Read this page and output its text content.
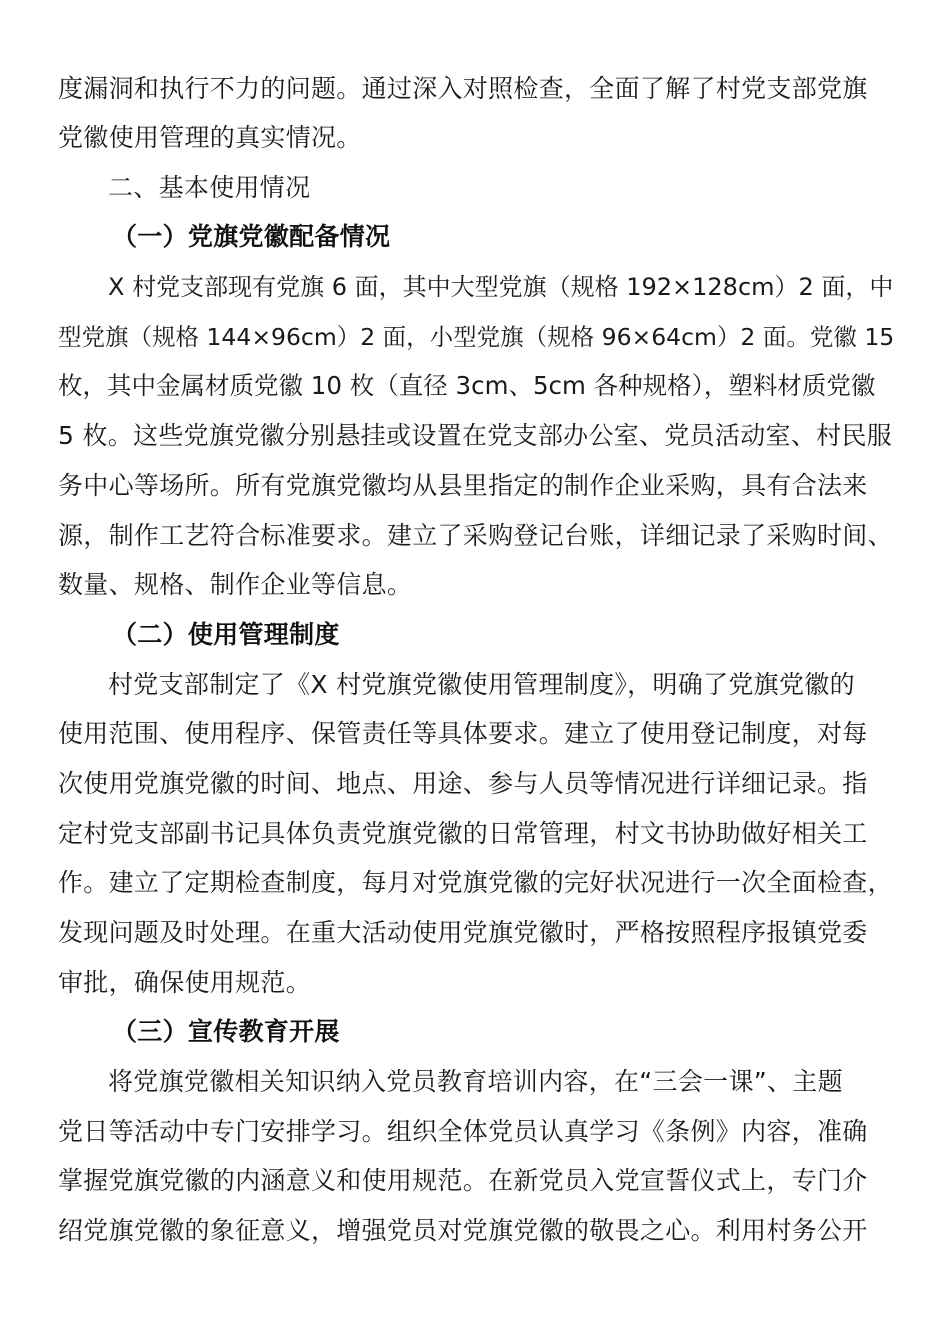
度漏洞和执行不力的问题。通过深入对照检查，全面了解了村党支部党旗
党徽使用管理的真实情况。
二、基本使用情况
（一）党旗党徽配备情况
X 村党支部现有党旗 6 面，其中大型党旗（规格 192×128cm）2 面，中
型党旗（规格 144×96cm）2 面，小型党旗（规格 96×64cm）2 面。党徽 15
枚，其中金属材质党徽 10 枚（直径 3cm、5cm 各种规格），塑料材质党徽
5 枚。这些党旗党徽分别悬挂或设置在党支部办公室、党员活动室、村民服
务中心等场所。所有党旗党徽均从县里指定的制作企业采购，具有合法来
源，制作工艺符合标准要求。建立了采购登记台账，详细记录了采购时间、
数量、规格、制作企业等信息。
（二）使用管理制度
村党支部制定了《X 村党旗党徽使用管理制度》，明确了党旗党徽的
使用范围、使用程序、保管责任等具体要求。建立了使用登记制度，对每
次使用党旗党徽的时间、地点、用途、参与人员等情况进行详细记录。指
定村党支部副书记具体负责党旗党徽的日常管理，村文书协助做好相关工
作。建立了定期检查制度，每月对党旗党徽的完好状况进行一次全面检查，
发现问题及时处理。在重大活动使用党旗党徽时，严格按照程序报镇党委
审批，确保使用规范。
（三）宣传教育开展
将党旗党徽相关知识纳入党员教育培训内容，在“三会一课”、主题
党日等活动中专门安排学习。组织全体党员认真学习《条例》内容，准确
掌握党旗党徽的内涵意义和使用规范。在新党员入党宣誓仪式上，专门介
绍党旗党徽的象征意义，增强党员对党旗党徽的敬畏之心。利用村务公开
